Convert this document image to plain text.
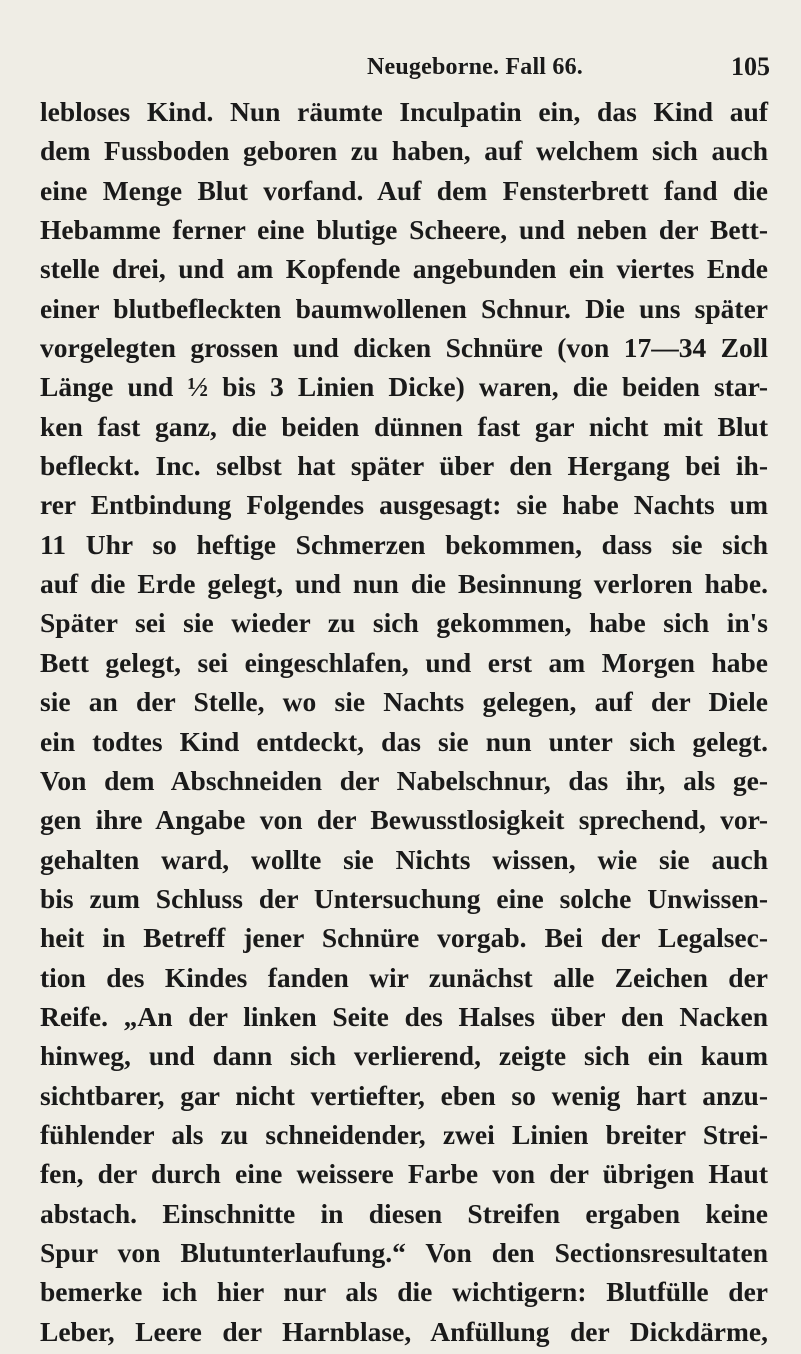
Neugeborne. Fall 66.	105
lebloses Kind. Nun räumte Inculpatin ein, das Kind auf
dem Fussboden geboren zu haben, auf welchem sich auch
eine Menge Blut vorfand. Auf dem Fensterbrett fand die
Hebamme ferner eine blutige Scheere, und neben der Bett-
stelle drei, und am Kopfende angebunden ein viertes Ende
einer blutbefleckten baumwollenen Schnur. Die uns später
vorgelegten grossen und dicken Schnüre (von 17—34 Zoll
Länge und ½ bis 3 Linien Dicke) waren, die beiden star-
ken fast ganz, die beiden dünnen fast gar nicht mit Blut
befleckt. Inc. selbst hat später über den Hergang bei ih-
rer Entbindung Folgendes ausgesagt: sie habe Nachts um
11 Uhr so heftige Schmerzen bekommen, dass sie sich
auf die Erde gelegt, und nun die Besinnung verloren habe.
Später sei sie wieder zu sich gekommen, habe sich in's
Bett gelegt, sei eingeschlafen, und erst am Morgen habe
sie an der Stelle, wo sie Nachts gelegen, auf der Diele
ein todtes Kind entdeckt, das sie nun unter sich gelegt.
Von dem Abschneiden der Nabelschnur, das ihr, als ge-
gen ihre Angabe von der Bewusstlosigkeit sprechend, vor-
gehalten ward, wollte sie Nichts wissen, wie sie auch
bis zum Schluss der Untersuchung eine solche Unwissen-
heit in Betreff jener Schnüre vorgab. Bei der Legalsec-
tion des Kindes fanden wir zunächst alle Zeichen der
Reife. „An der linken Seite des Halses über den Nacken
hinweg, und dann sich verlierend, zeigte sich ein kaum
sichtbarer, gar nicht vertiefter, eben so wenig hart anzu-
fühlender als zu schneidender, zwei Linien breiter Strei-
fen, der durch eine weissere Farbe von der übrigen Haut
abstach. Einschnitte in diesen Streifen ergaben keine
Spur von Blutunterlaufung.“ Von den Sectionsresultaten
bemerke ich hier nur als die wichtigern: Blutfülle der
Leber, Leere der Harnblase, Anfüllung der Dickdärme,
